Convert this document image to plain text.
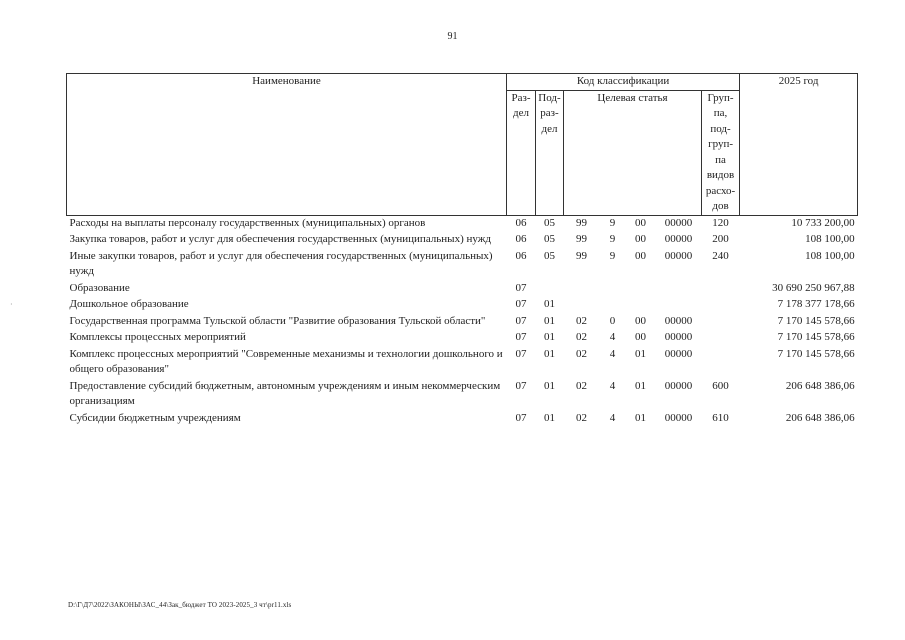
91
Наименование	Код классификации							2025 год
	Раз-дел	Под-раз-дел	Целевая статья				Груп-па, под-груп-па видов расхо-дов	
Расходы на выплаты персоналу государственных (муниципальных) органов	06	05	99	9	00	00000	120	10 733 200,00
Закупка товаров, работ и услуг для обеспечения государственных (муниципальных) нужд	06	05	99	9	00	00000	200	108 100,00
Иные закупки товаров, работ и услуг для обеспечения государственных (муниципальных) нужд	06	05	99	9	00	00000	240	108 100,00
Образование	07							30 690 250 967,88
Дошкольное образование	07	01						7 178 377 178,66
Государственная программа Тульской области "Развитие образования Тульской области"	07	01	02	0	00	00000		7 170 145 578,66
Комплексы процессных мероприятий	07	01	02	4	00	00000		7 170 145 578,66
Комплекс процессных мероприятий "Современные механизмы и технологии дошкольного и общего образования"	07	01	02	4	01	00000		7 170 145 578,66
Предоставление субсидий бюджетным, автономным учреждениям и иным некоммерческим организациям	07	01	02	4	01	00000	600	206 648 386,06
Субсидии бюджетным учреждениям	07	01	02	4	01	00000	610	206 648 386,06
·
D:\Г\Д7\2022\ЗАКОНЫ\ЗАС_44\Зак_бюджет ТО 2023-2025_3 чт\pr11.xls
